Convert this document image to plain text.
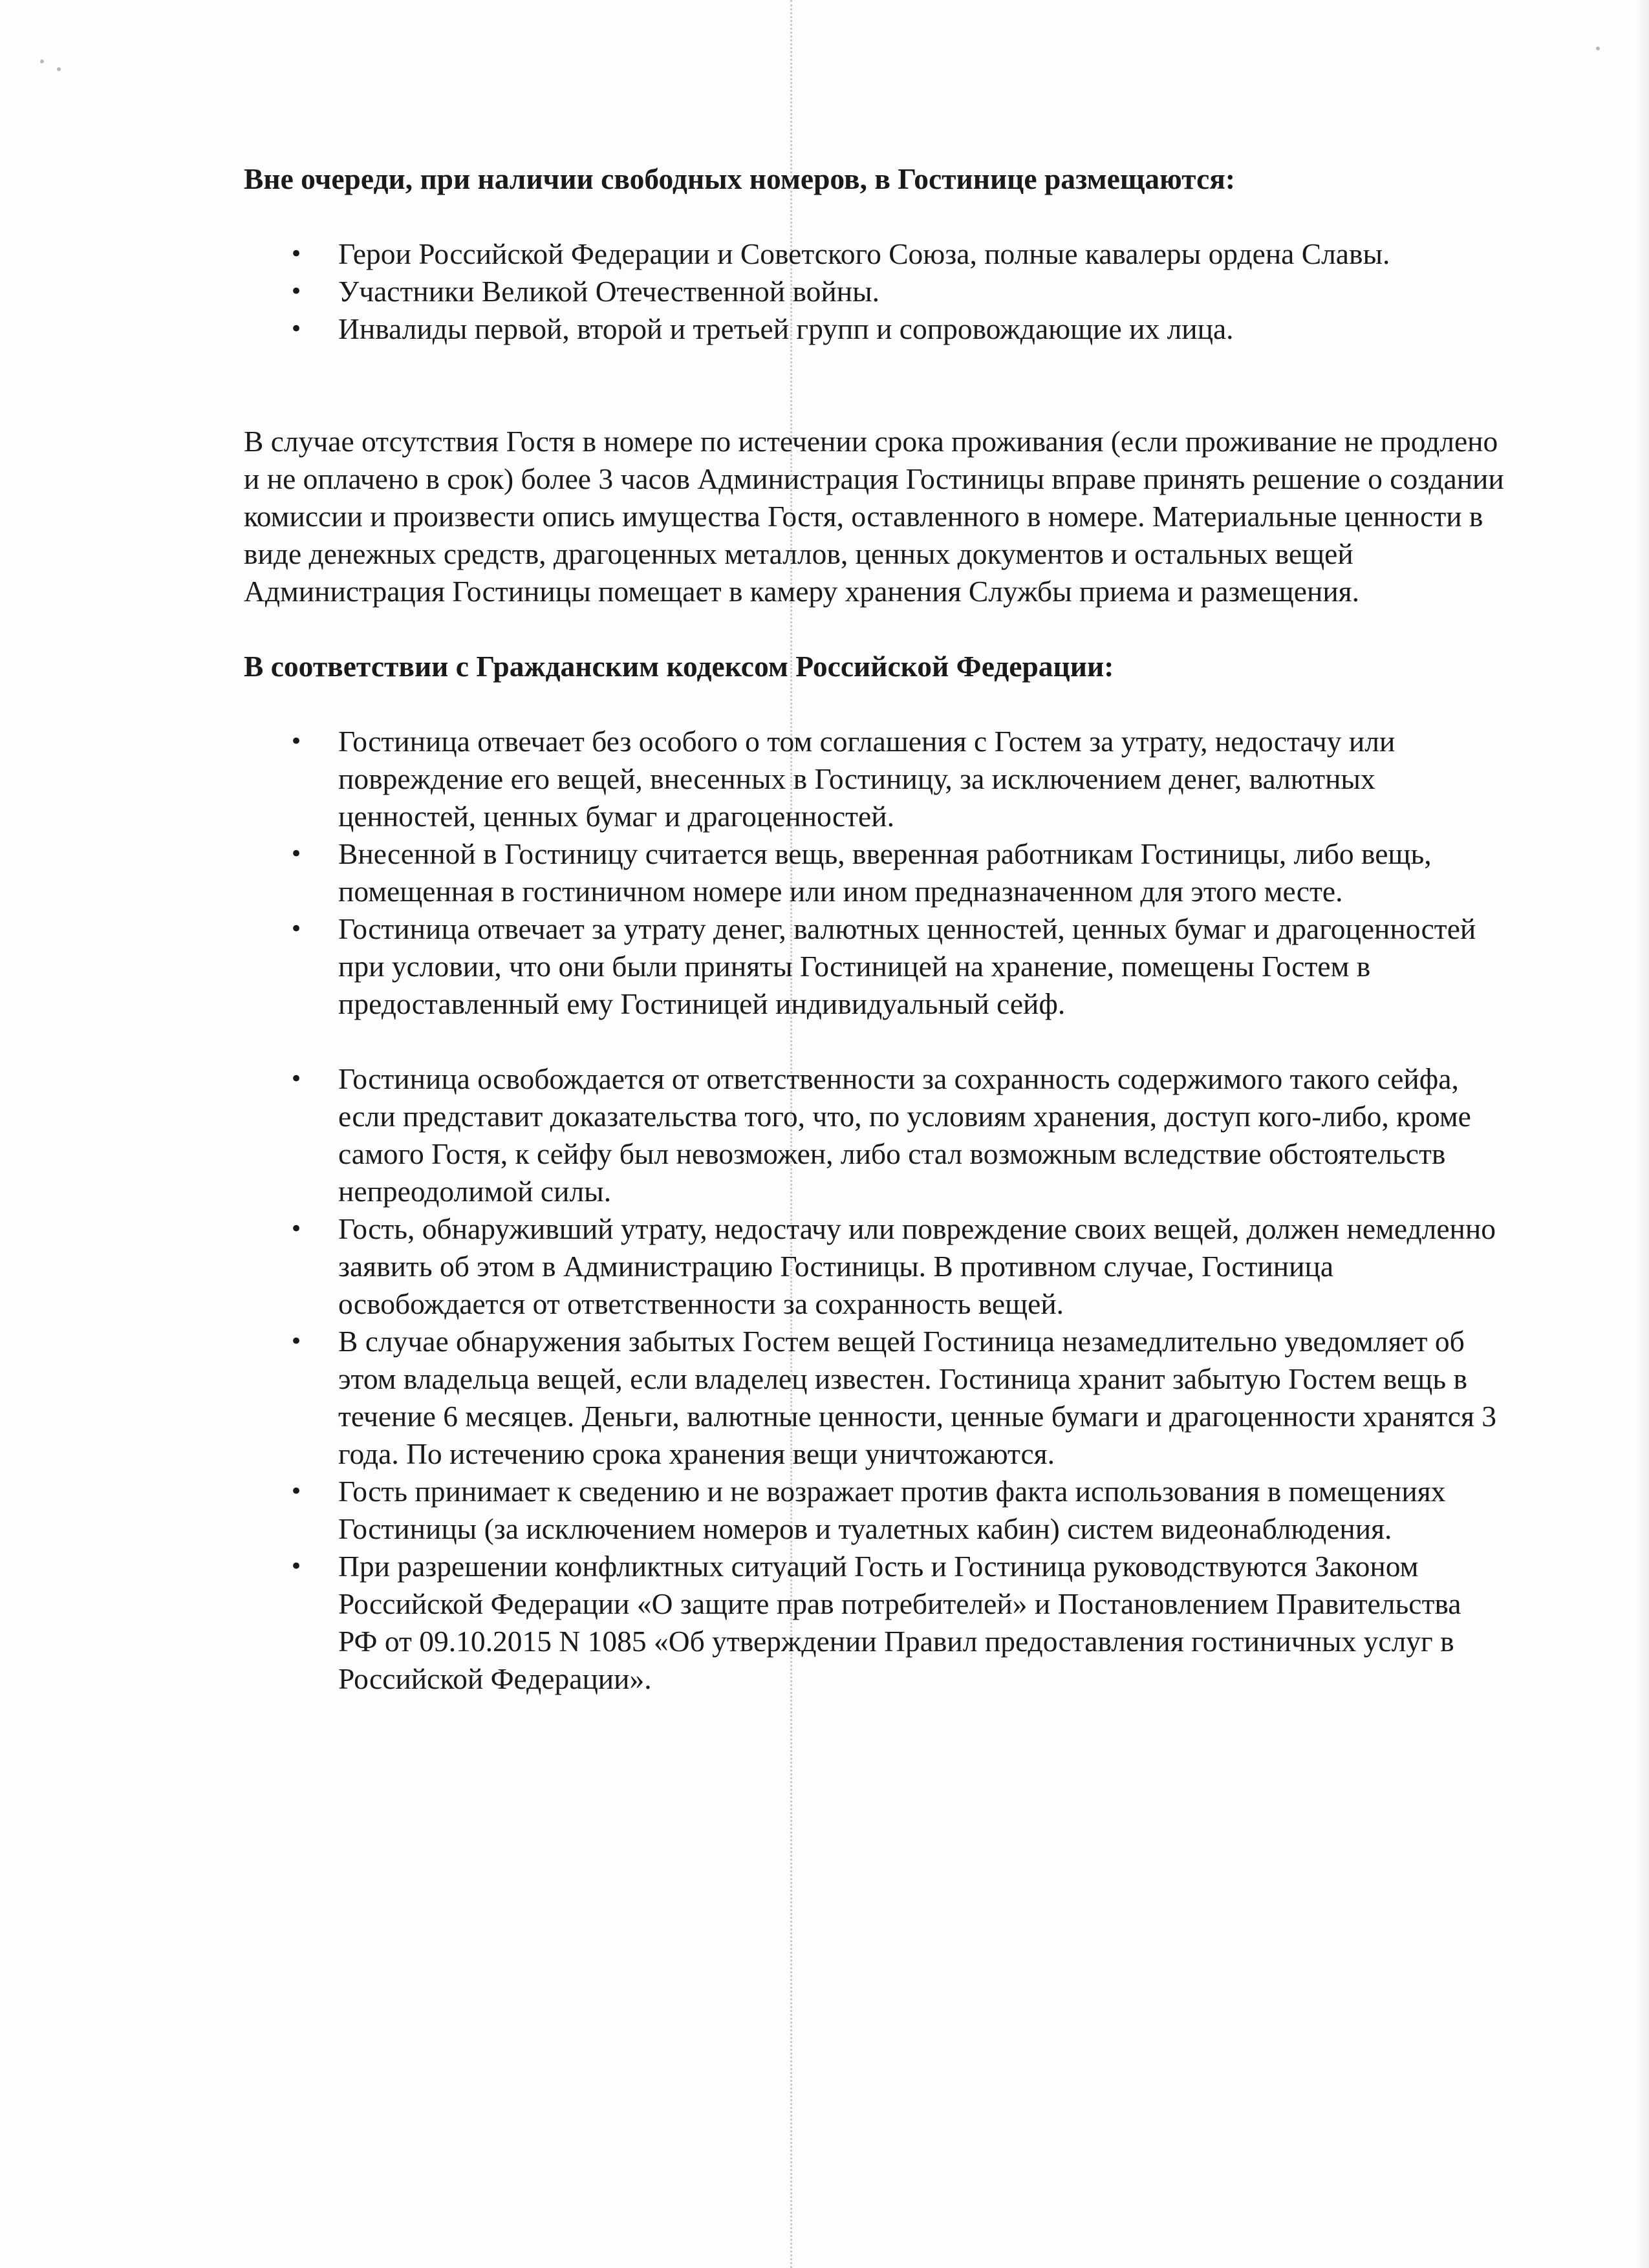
Вне очереди, при наличии свободных номеров, в Гостинице размещаются:

• Герои Российской Федерации и Советского Союза, полные кавалеры ордена Славы.
• Участники Великой Отечественной войны.
• Инвалиды первой, второй и третьей групп и сопровождающие их лица.

В случае отсутствия Гостя в номере по истечении срока проживания (если проживание не продлено и не оплачено в срок) более 3 часов Администрация Гостиницы вправе принять решение о создании комиссии и произвести опись имущества Гостя, оставленного в номере. Материальные ценности в виде денежных средств, драгоценных металлов, ценных документов и остальных вещей Администрация Гостиницы помещает в камеру хранения Службы приема и размещения.

В соответствии с Гражданским кодексом Российской Федерации:

• Гостиница отвечает без особого о том соглашения с Гостем за утрату, недостачу или повреждение его вещей, внесенных в Гостиницу, за исключением денег, валютных ценностей, ценных бумаг и драгоценностей.
• Внесенной в Гостиницу считается вещь, вверенная работникам Гостиницы, либо вещь, помещенная в гостиничном номере или ином предназначенном для этого месте.
• Гостиница отвечает за утрату денег, валютных ценностей, ценных бумаг и драгоценностей при условии, что они были приняты Гостиницей на хранение, помещены Гостем в предоставленный ему Гостиницей индивидуальный сейф.
• Гостиница освобождается от ответственности за сохранность содержимого такого сейфа, если представит доказательства того, что, по условиям хранения, доступ кого-либо, кроме самого Гостя, к сейфу был невозможен, либо стал возможным вследствие обстоятельств непреодолимой силы.
• Гость, обнаруживший утрату, недостачу или повреждение своих вещей, должен немедленно заявить об этом в Администрацию Гостиницы. В противном случае, Гостиница освобождается от ответственности за сохранность вещей.
• В случае обнаружения забытых Гостем вещей Гостиница незамедлительно уведомляет об этом владельца вещей, если владелец известен. Гостиница хранит забытую Гостем вещь в течение 6 месяцев. Деньги, валютные ценности, ценные бумаги и драгоценности хранятся 3 года. По истечению срока хранения вещи уничтожаются.
• Гость принимает к сведению и не возражает против факта использования в помещениях Гостиницы (за исключением номеров и туалетных кабин) систем видеонаблюдения.
• При разрешении конфликтных ситуаций Гость и Гостиница руководствуются Законом Российской Федерации «О защите прав потребителей» и Постановлением Правительства РФ от 09.10.2015 N 1085 «Об утверждении Правил предоставления гостиничных услуг в Российской Федерации».
